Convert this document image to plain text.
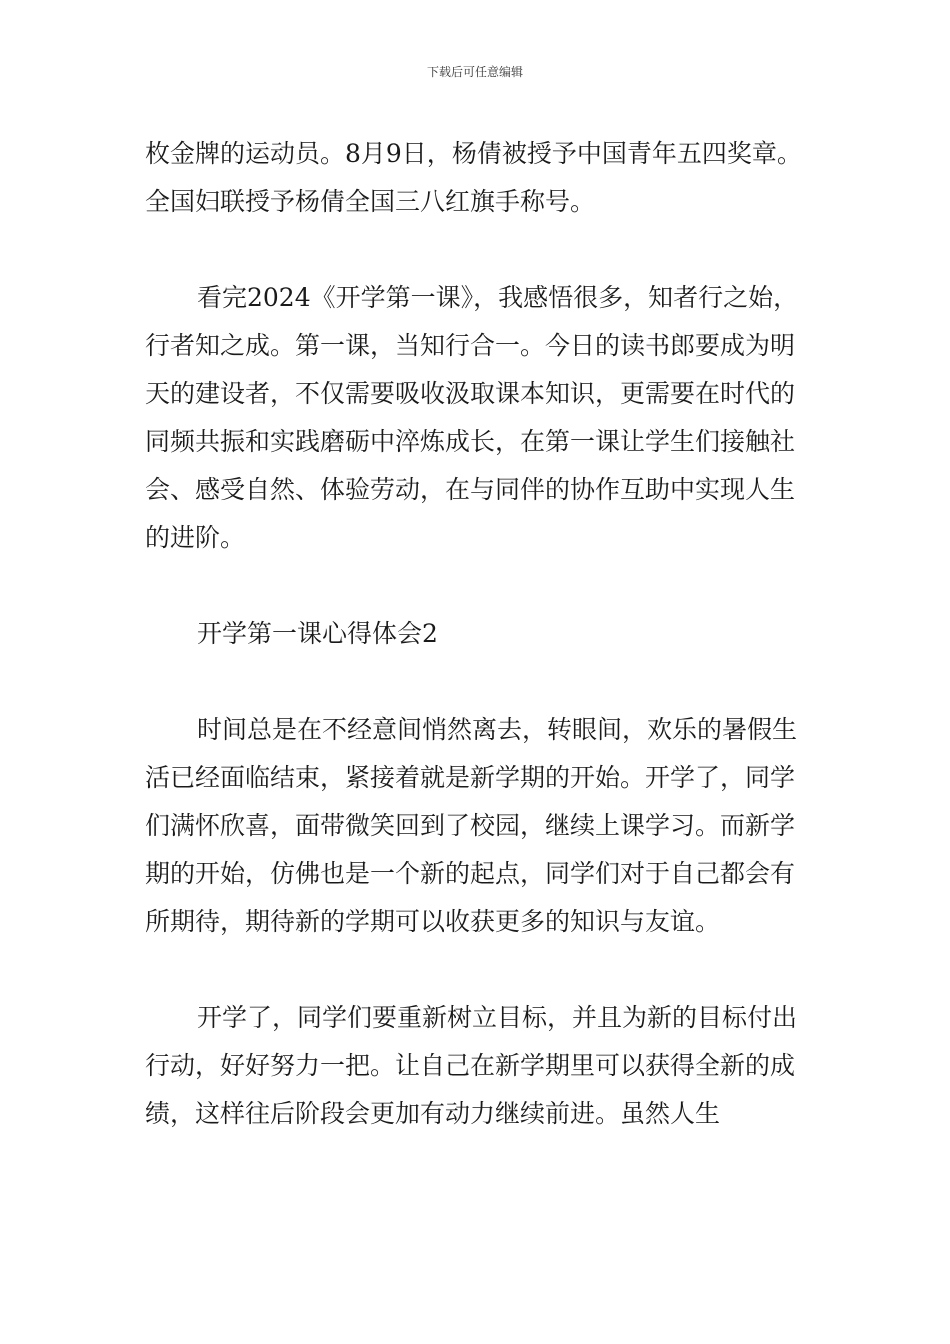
下载后可任意编辑

枚金牌的运动员。8月9日，杨倩被授予中国青年五四奖章。全国妇联授予杨倩全国三八红旗手称号。

看完2024《开学第一课》，我感悟很多，知者行之始，行者知之成。第一课，当知行合一。今日的读书郎要成为明天的建设者，不仅需要吸收汲取课本知识，更需要在时代的同频共振和实践磨砺中淬炼成长，在第一课让学生们接触社会、感受自然、体验劳动，在与同伴的协作互助中实现人生的进阶。

开学第一课心得体会2

时间总是在不经意间悄然离去，转眼间，欢乐的暑假生活已经面临结束，紧接着就是新学期的开始。开学了，同学们满怀欣喜，面带微笑回到了校园，继续上课学习。而新学期的开始，仿佛也是一个新的起点，同学们对于自己都会有所期待，期待新的学期可以收获更多的知识与友谊。

开学了，同学们要重新树立目标，并且为新的目标付出行动，好好努力一把。让自己在新学期里可以获得全新的成绩，这样往后阶段会更加有动力继续前进。虽然人生
